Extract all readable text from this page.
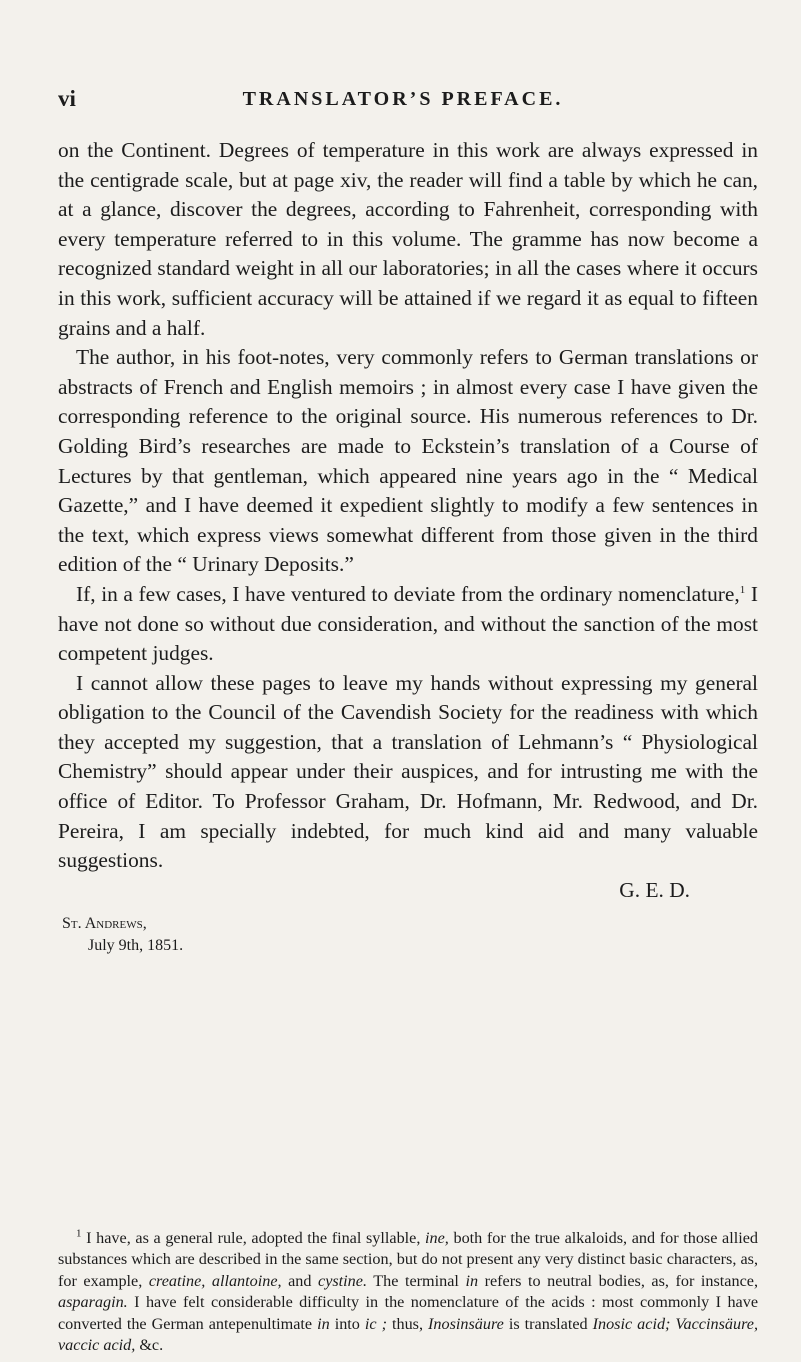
vi	TRANSLATOR’S PREFACE.

on the Continent. Degrees of temperature in this work are always expressed in the centigrade scale, but at page xiv, the reader will find a table by which he can, at a glance, discover the degrees, according to Fahrenheit, corresponding with every temperature referred to in this volume. The gramme has now become a recognized standard weight in all our laboratories; in all the cases where it occurs in this work, sufficient accuracy will be attained if we regard it as equal to fifteen grains and a half.

The author, in his foot-notes, very commonly refers to German translations or abstracts of French and English memoirs ; in almost every case I have given the corresponding reference to the original source. His numerous references to Dr. Golding Bird’s researches are made to Eckstein’s translation of a Course of Lectures by that gentleman, which appeared nine years ago in the “ Medical Gazette,” and I have deemed it expedient slightly to modify a few sentences in the text, which express views somewhat different from those given in the third edition of the “ Urinary Deposits.”

If, in a few cases, I have ventured to deviate from the ordinary nomenclature,$^1$ I have not done so without due consideration, and without the sanction of the most competent judges.

I cannot allow these pages to leave my hands without expressing my general obligation to the Council of the Cavendish Society for the readiness with which they accepted my suggestion, that a translation of Lehmann’s “ Physiological Chemistry” should appear under their auspices, and for intrusting me with the office of Editor. To Professor Graham, Dr. Hofmann, Mr. Redwood, and Dr. Pereira, I am specially indebted, for much kind aid and many valuable suggestions.

G. E. D.
St. Andrews,
July 9th, 1851.
$^1$ I have, as a general rule, adopted the final syllable, ine, both for the true alkaloids, and for those allied substances which are described in the same section, but do not present any very distinct basic characters, as, for example, creatine, allantoine, and cystine. The terminal in refers to neutral bodies, as, for instance, asparagin. I have felt considerable difficulty in the nomenclature of the acids : most commonly I have converted the German antepenultimate in into ic ; thus, Inosinsäure is translated Inosic acid; Vaccinsäure, vaccic acid, &c.
